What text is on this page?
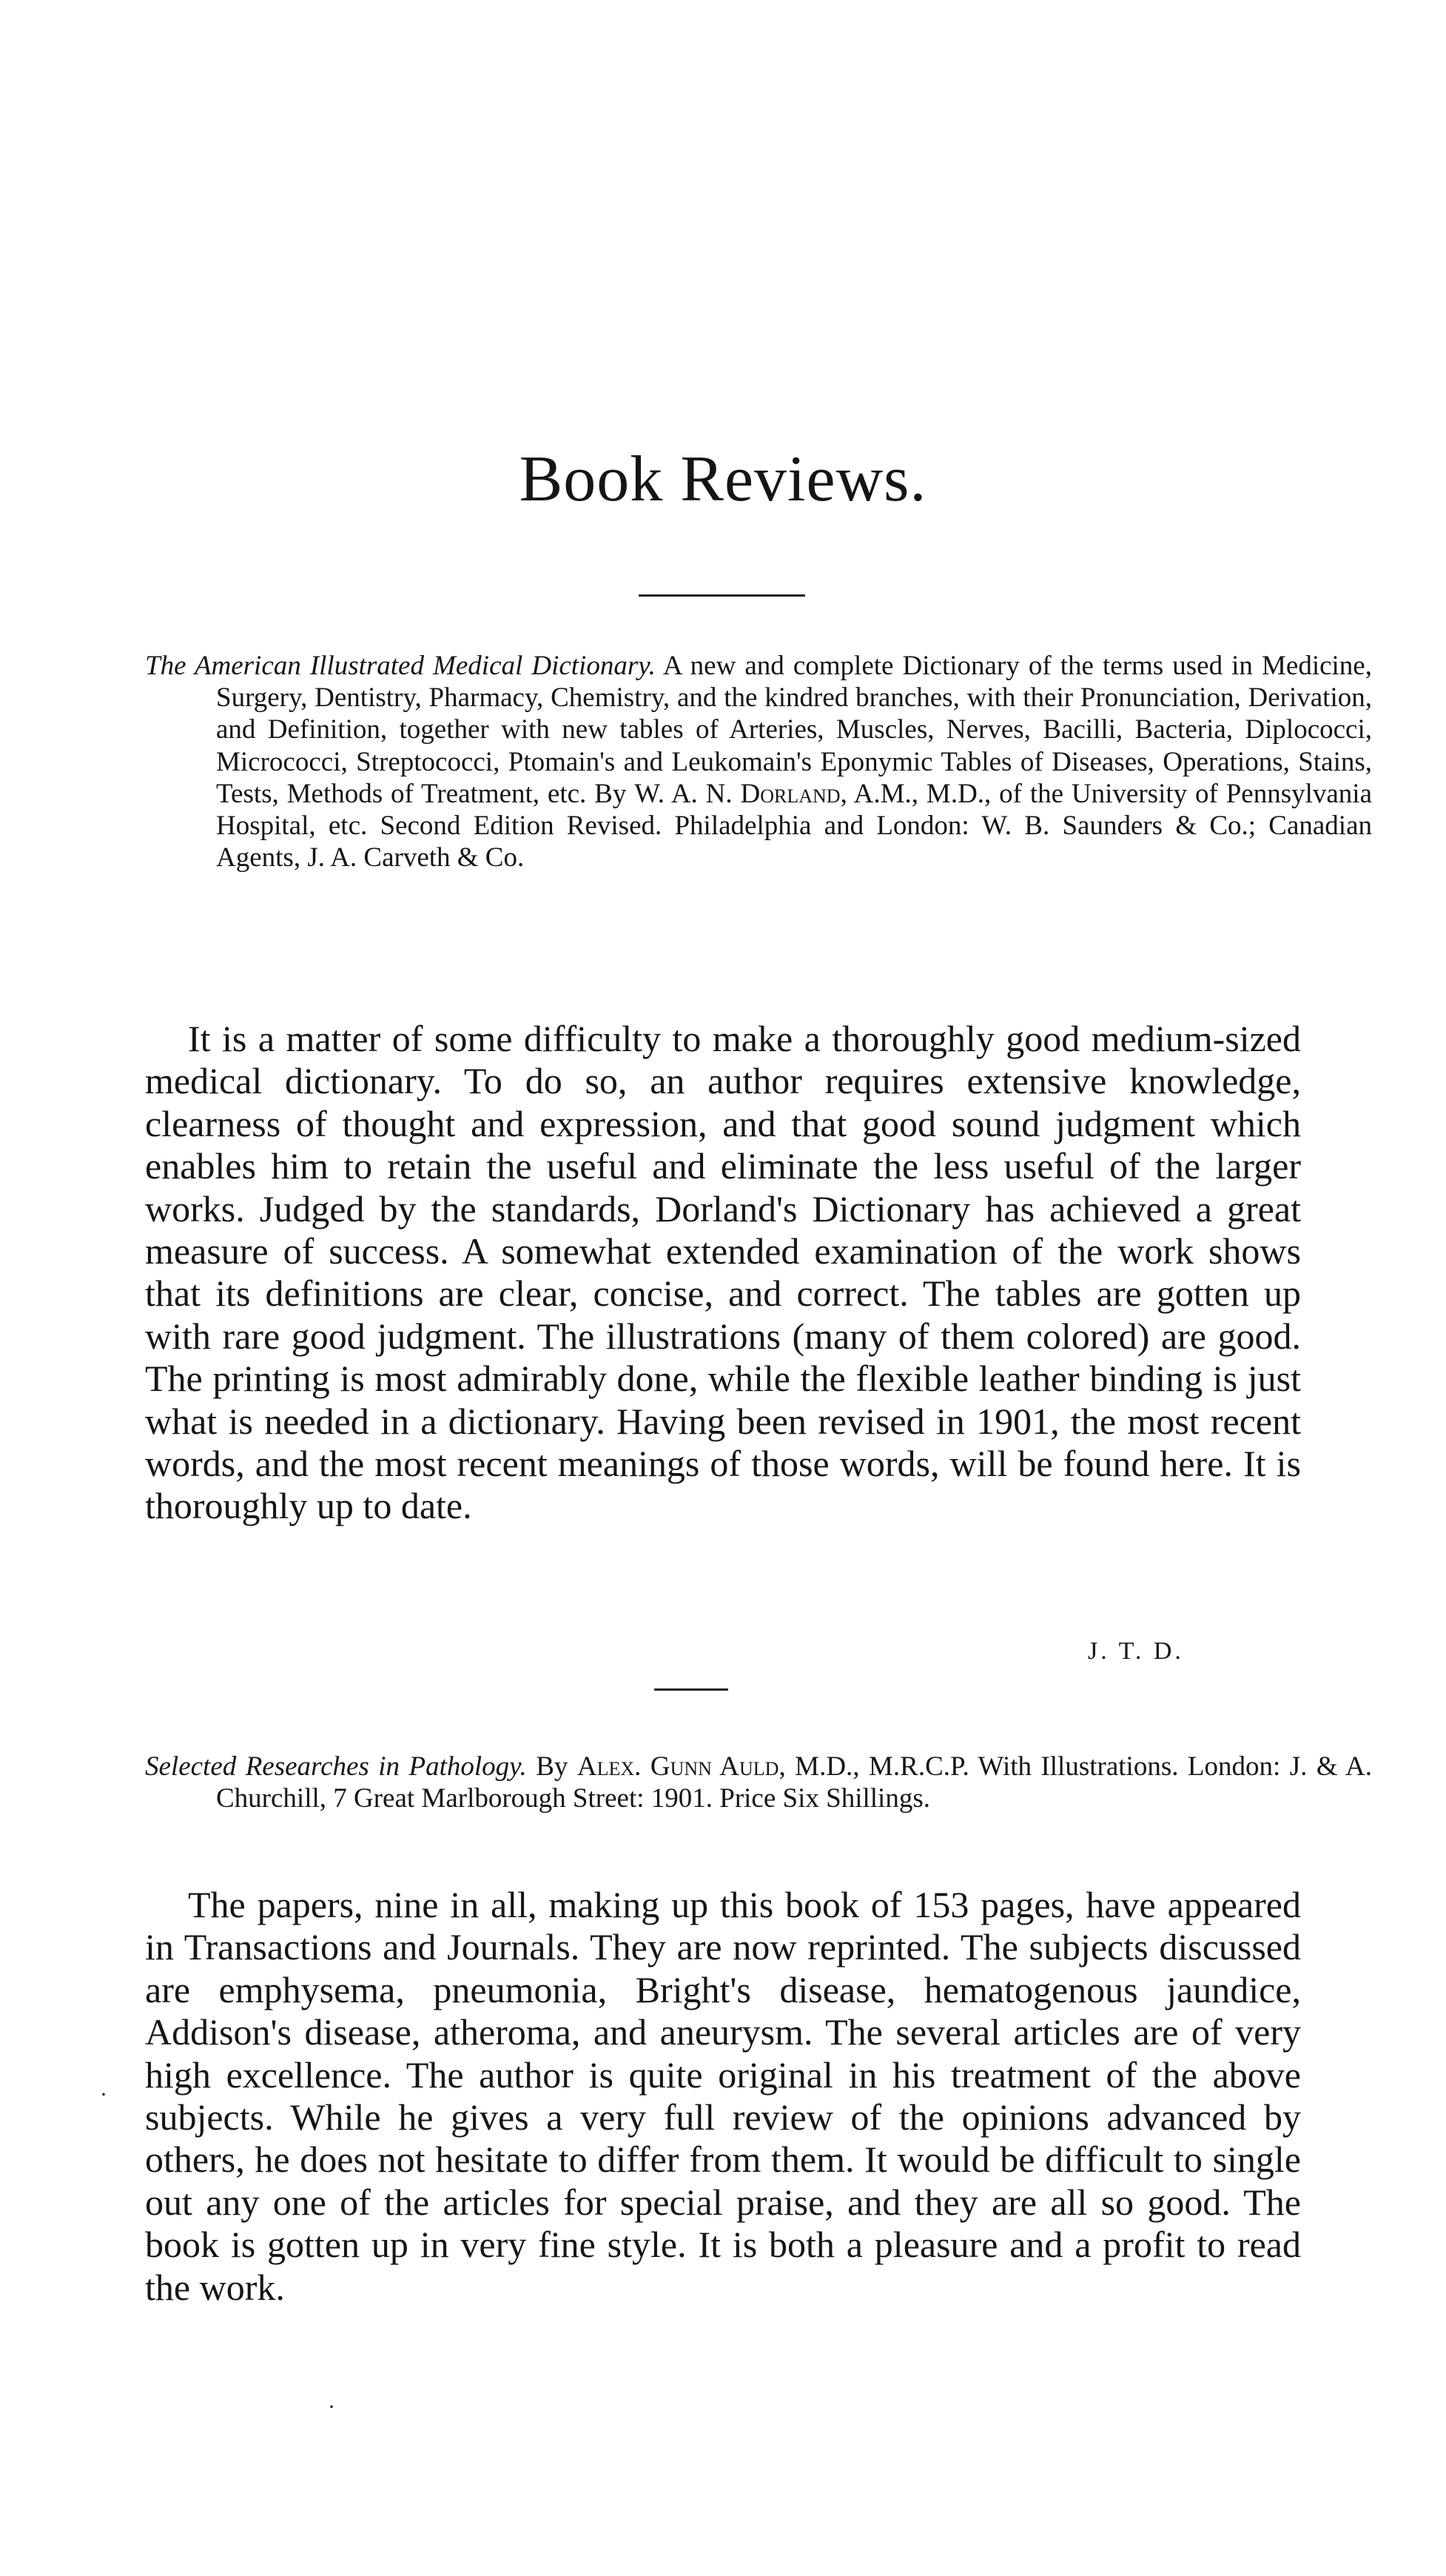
Book Reviews.

The American Illustrated Medical Dictionary. A new and complete Dictionary of the terms used in Medicine, Surgery, Dentistry, Pharmacy, Chemistry, and the kindred branches, with their Pronunciation, Derivation, and Definition, together with new tables of Arteries, Muscles, Nerves, Bacilli, Bacteria, Diplococci, Micrococci, Streptococci, Ptomain's and Leukomain's Eponymic Tables of Diseases, Operations, Stains, Tests, Methods of Treatment, etc. By W. A. N. Dorland, A.M., M.D., of the University of Pennsylvania Hospital, etc. Second Edition Revised. Philadelphia and London: W. B. Saunders & Co.; Canadian Agents, J. A. Carveth & Co.

It is a matter of some difficulty to make a thoroughly good medium-sized medical dictionary. To do so, an author requires extensive knowledge, clearness of thought and expression, and that good sound judgment which enables him to retain the useful and eliminate the less useful of the larger works. Judged by the standards, Dorland's Dictionary has achieved a great measure of success. A somewhat extended examination of the work shows that its definitions are clear, concise, and correct. The tables are gotten up with rare good judgment. The illustrations (many of them colored) are good. The printing is most admirably done, while the flexible leather binding is just what is needed in a dictionary. Having been revised in 1901, the most recent words, and the most recent meanings of those words, will be found here. It is thoroughly up to date.

J. T. D.

Selected Researches in Pathology. By Alex. Gunn Auld, M.D., M.R.C.P. With Illustrations. London: J. & A. Churchill, 7 Great Marlborough Street: 1901. Price Six Shillings.

The papers, nine in all, making up this book of 153 pages, have appeared in Transactions and Journals. They are now reprinted. The subjects discussed are emphysema, pneumonia, Bright's disease, hematogenous jaundice, Addison's disease, atheroma, and aneurysm. The several articles are of very high excellence. The author is quite original in his treatment of the above subjects. While he gives a very full review of the opinions advanced by others, he does not hesitate to differ from them. It would be difficult to single out any one of the articles for special praise, and they are all so good. The book is gotten up in very fine style. It is both a pleasure and a profit to read the work.

·
·
